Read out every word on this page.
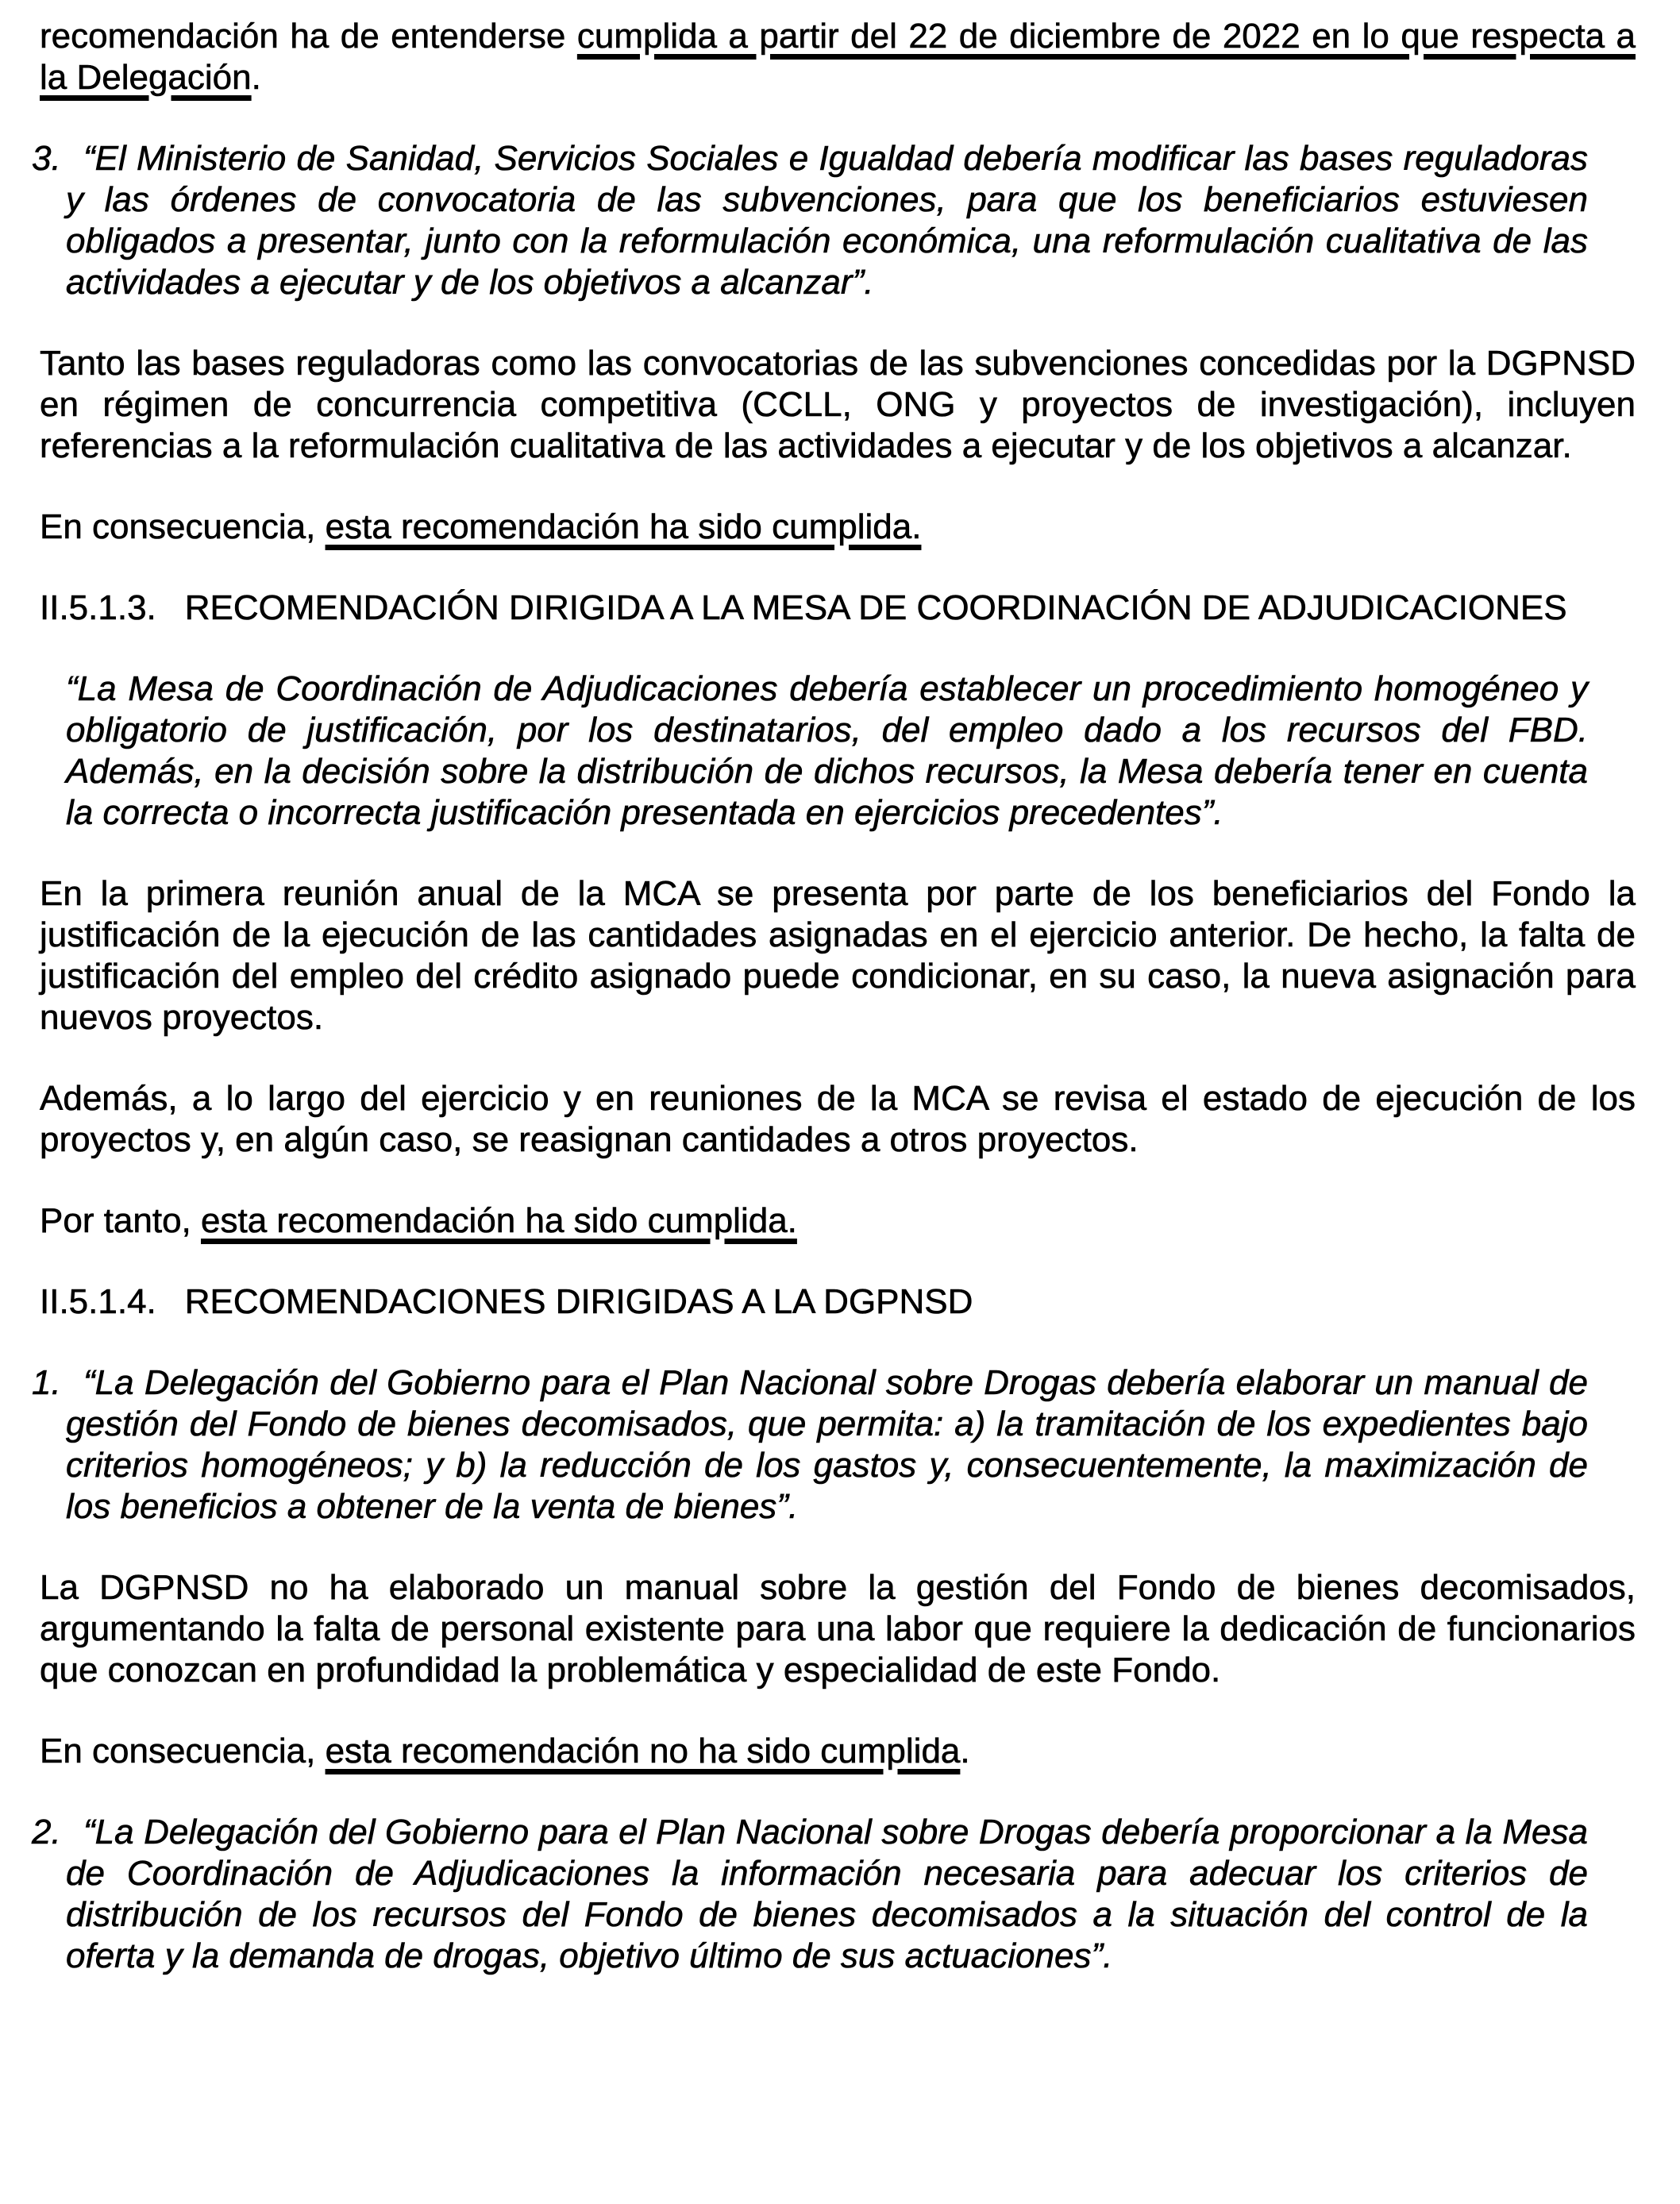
recomendación ha de entenderse cumplida a partir del 22 de diciembre de 2022 en lo que respecta a la Delegación.

3. “El Ministerio de Sanidad, Servicios Sociales e Igualdad debería modificar las bases reguladoras y las órdenes de convocatoria de las subvenciones, para que los beneficiarios estuviesen obligados a presentar, junto con la reformulación económica, una reformulación cualitativa de las actividades a ejecutar y de los objetivos a alcanzar”.

Tanto las bases reguladoras como las convocatorias de las subvenciones concedidas por la DGPNSD en régimen de concurrencia competitiva (CCLL, ONG y proyectos de investigación), incluyen referencias a la reformulación cualitativa de las actividades a ejecutar y de los objetivos a alcanzar.

En consecuencia, esta recomendación ha sido cumplida.

II.5.1.3. RECOMENDACIÓN DIRIGIDA A LA MESA DE COORDINACIÓN DE ADJUDICACIONES
“La Mesa de Coordinación de Adjudicaciones debería establecer un procedimiento homogéneo y obligatorio de justificación, por los destinatarios, del empleo dado a los recursos del FBD. Además, en la decisión sobre la distribución de dichos recursos, la Mesa debería tener en cuenta la correcta o incorrecta justificación presentada en ejercicios precedentes”.

En la primera reunión anual de la MCA se presenta por parte de los beneficiarios del Fondo la justificación de la ejecución de las cantidades asignadas en el ejercicio anterior. De hecho, la falta de justificación del empleo del crédito asignado puede condicionar, en su caso, la nueva asignación para nuevos proyectos.

Además, a lo largo del ejercicio y en reuniones de la MCA se revisa el estado de ejecución de los proyectos y, en algún caso, se reasignan cantidades a otros proyectos.

Por tanto, esta recomendación ha sido cumplida.

II.5.1.4. RECOMENDACIONES DIRIGIDAS A LA DGPNSD
1. “La Delegación del Gobierno para el Plan Nacional sobre Drogas debería elaborar un manual de gestión del Fondo de bienes decomisados, que permita: a) la tramitación de los expedientes bajo criterios homogéneos; y b) la reducción de los gastos y, consecuentemente, la maximización de los beneficios a obtener de la venta de bienes”.

La DGPNSD no ha elaborado un manual sobre la gestión del Fondo de bienes decomisados, argumentando la falta de personal existente para una labor que requiere la dedicación de funcionarios que conozcan en profundidad la problemática y especialidad de este Fondo.

En consecuencia, esta recomendación no ha sido cumplida.

2. “La Delegación del Gobierno para el Plan Nacional sobre Drogas debería proporcionar a la Mesa de Coordinación de Adjudicaciones la información necesaria para adecuar los criterios de distribución de los recursos del Fondo de bienes decomisados a la situación del control de la oferta y la demanda de drogas, objetivo último de sus actuaciones”.
